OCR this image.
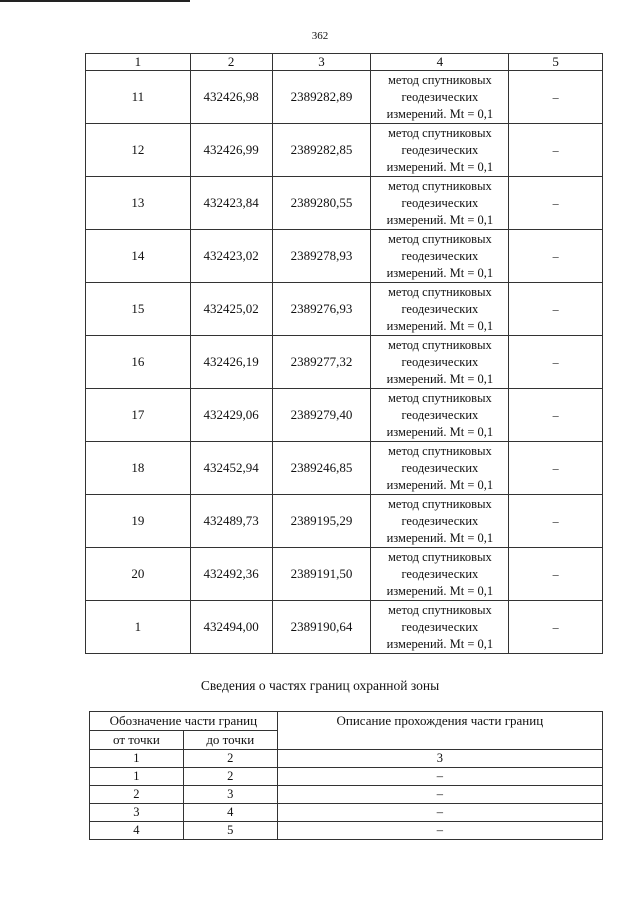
362
1	2	3	4	5
11	432426,98	2389282,89	метод спутниковых
геодезических
измерений. Mt = 0,1	–
12	432426,99	2389282,85	метод спутниковых
геодезических
измерений. Mt = 0,1	–
13	432423,84	2389280,55	метод спутниковых
геодезических
измерений. Mt = 0,1	–
14	432423,02	2389278,93	метод спутниковых
геодезических
измерений. Mt = 0,1	–
15	432425,02	2389276,93	метод спутниковых
геодезических
измерений. Mt = 0,1	–
16	432426,19	2389277,32	метод спутниковых
геодезических
измерений. Mt = 0,1	–
17	432429,06	2389279,40	метод спутниковых
геодезических
измерений. Mt = 0,1	–
18	432452,94	2389246,85	метод спутниковых
геодезических
измерений. Mt = 0,1	–
19	432489,73	2389195,29	метод спутниковых
геодезических
измерений. Mt = 0,1	–
20	432492,36	2389191,50	метод спутниковых
геодезических
измерений. Mt = 0,1	–
1	432494,00	2389190,64	метод спутниковых
геодезических
измерений. Mt = 0,1	–
Сведения о частях границ охранной зоны
Обозначение части границ		Описание прохождения части границ
от точки	до точки	
1	2	3
1	2	–
2	3	–
3	4	–
4	5	–
